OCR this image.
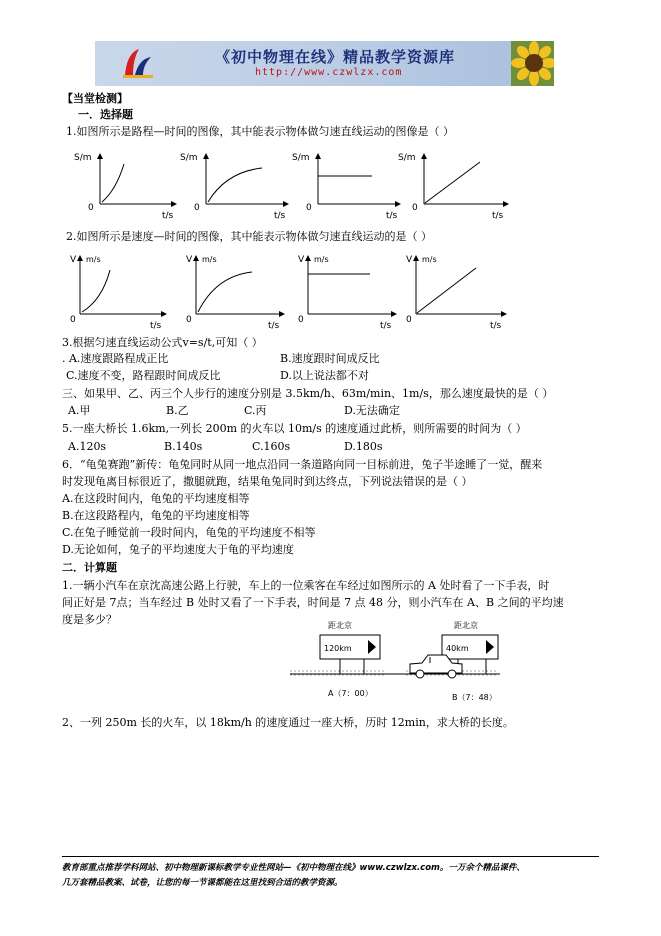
《初中物理在线》精品教学资源库
http://www.czwlzx.com
【当堂检测】
一．选择题
1.如图所示是路程—时间的图像，其中能表示物体做匀速直线运动的图像是（ ）
S/m
0
t/s
S/m
0
t/s
S/m
0
t/s
S/m
0
t/s
2.如图所示是速度—时间的图像，其中能表示物体做匀速直线运动的是（ ）
V m/s
0
t/s
V m/s
0
t/s
V m/s
0
t/s
V m/s
0
t/s
3.根据匀速直线运动公式v=s/t,可知（ ）
. A.速度跟路程成正比	B.速度跟时间成反比
C.速度不变，路程跟时间成反比	D.以上说法都不对
三、如果甲、乙、丙三个人步行的速度分别是 3.5km/h、63m/min、1m/s，那么速度最快的是（ ）
A.甲	B.乙	C.丙	D.无法确定
5.一座大桥长 1.6km,一列长 200m 的火车以 10m/s 的速度通过此桥，则所需要的时间为（ ）
A.120s	B.140s	C.160s	D.180s
6．“龟兔赛跑”新传：龟兔同时从同一地点沿同一条道路向同一目标前进，兔子半途睡了一觉，醒来
时发现龟离目标很近了，撒腿就跑，结果龟兔同时到达终点，下列说法错误的是（ ）
A.在这段时间内，龟兔的平均速度相等
B.在这段路程内，龟兔的平均速度相等
C.在兔子睡觉前一段时间内，龟兔的平均速度不相等
D.无论如何，兔子的平均速度大于龟的平均速度
二．计算题
1.一辆小汽车在京沈高速公路上行驶，车上的一位乘客在车经过如图所示的 A 处时看了一下手表，时
间正好是 7点；当车经过 B 处时又看了一下手表，时间是 7 点 48 分，则小汽车在 A、B 之间的平均速
度是多少？	距北京
120km
距北京
40km
A（7：00）	B（7：48）
2、一列 250m 长的火车，以 18km/h 的速度通过一座大桥，历时 12min，求大桥的长度。
教育部重点推荐学科网站、初中物理新课标教学专业性网站—《初中物理在线》www.czwlzx.com。一万余个精品课件、
几万套精品教案、试卷，让您的每一节课都能在这里找到合适的教学资源。
